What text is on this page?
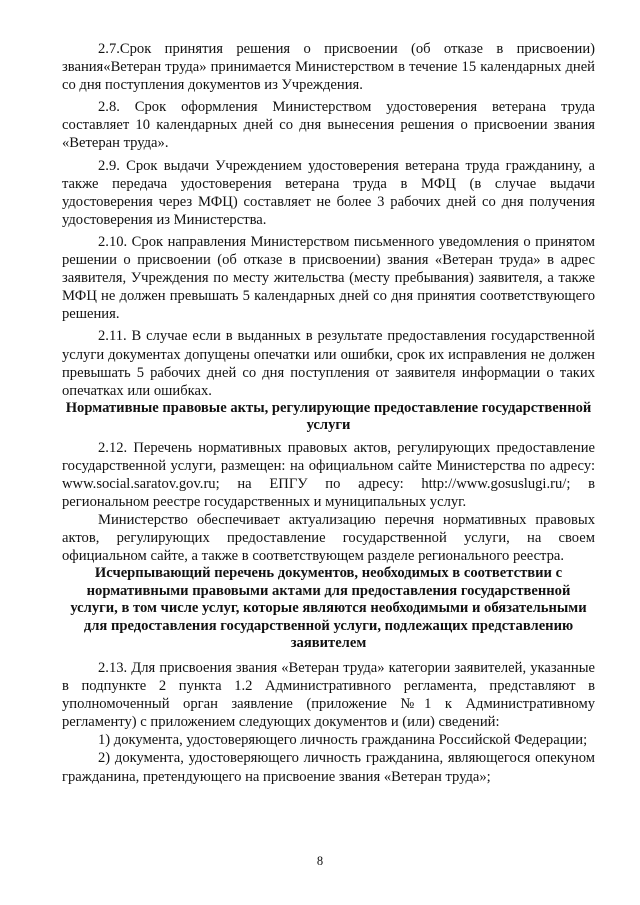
2.7.Срок принятия решения о присвоении (об отказе в присвоении) звания«Ветеран труда» принимается Министерством в течение 15 календарных дней со дня поступления документов из Учреждения.

2.8. Срок оформления Министерством удостоверения ветерана труда составляет 10 календарных дней со дня вынесения решения о присвоении звания «Ветеран труда».

2.9. Срок выдачи Учреждением удостоверения ветерана труда гражданину, а также передача удостоверения ветерана труда в МФЦ (в случае выдачи удостоверения через МФЦ) составляет не более 3 рабочих дней со дня получения удостоверения из Министерства.

2.10. Срок направления Министерством письменного уведомления о принятом решении о присвоении (об отказе в присвоении) звания «Ветеран труда» в адрес заявителя, Учреждения по месту жительства (месту пребывания) заявителя, а также МФЦ не должен превышать 5 календарных дней со дня принятия соответствующего решения.

2.11. В случае если в выданных в результате предоставления государственной услуги документах допущены опечатки или ошибки, срок их исправления не должен превышать 5 рабочих дней со дня поступления от заявителя информации о таких опечатках или ошибках.

Нормативные правовые акты, регулирующие предоставление государственной услуги

2.12. Перечень нормативных правовых актов, регулирующих предоставление государственной услуги, размещен: на официальном сайте Министерства по адресу: www.social.saratov.gov.ru; на ЕПГУ по адресу: http://www.gosuslugi.ru/; в региональном реестре государственных и муниципальных услуг.

Министерство обеспечивает актуализацию перечня нормативных правовых актов, регулирующих предоставление государственной услуги, на своем официальном сайте, а также в соответствующем разделе регионального реестра.

Исчерпывающий перечень документов, необходимых в соответствии с нормативными правовыми актами для предоставления государственной услуги, в том числе услуг, которые являются необходимыми и обязательными для предоставления государственной услуги, подлежащих представлению заявителем

2.13. Для присвоения звания «Ветеран труда» категории заявителей, указанные в подпункте 2 пункта 1.2 Административного регламента, представляют в уполномоченный орган заявление (приложение №1 к Административному регламенту) с приложением следующих документов и (или) сведений:

1) документа, удостоверяющего личность гражданина Российской Федерации;

2) документа, удостоверяющего личность гражданина, являющегося опекуном гражданина, претендующего на присвоение звания «Ветеран труда»;

8
